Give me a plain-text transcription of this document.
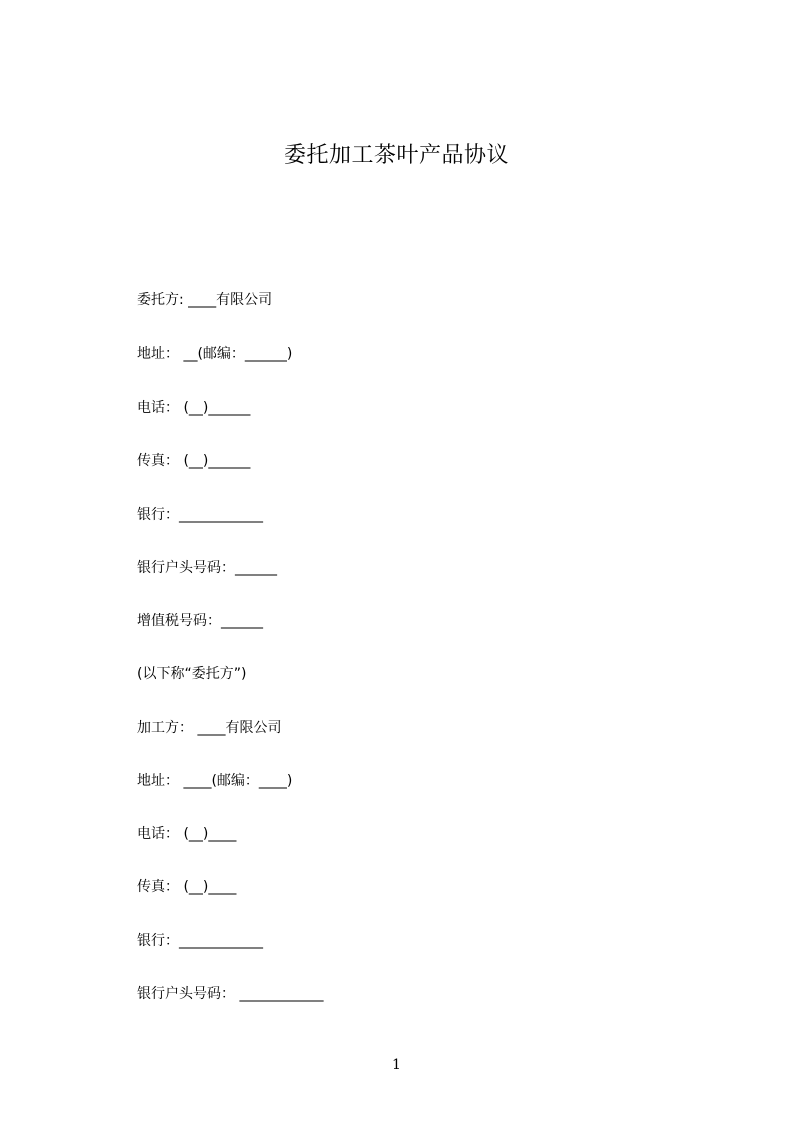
委托加工茶叶产品协议
委托方: ____有限公司
地址： __(邮编：______)
电话： (__)______
传真： (__)______
银行：____________
银行户头号码：______
增值税号码：______
(以下称“委托方”)
加工方： ____有限公司
地址： ____(邮编：____)
电话： (__)____
传真： (__)____
银行：____________
银行户头号码： ____________
1
